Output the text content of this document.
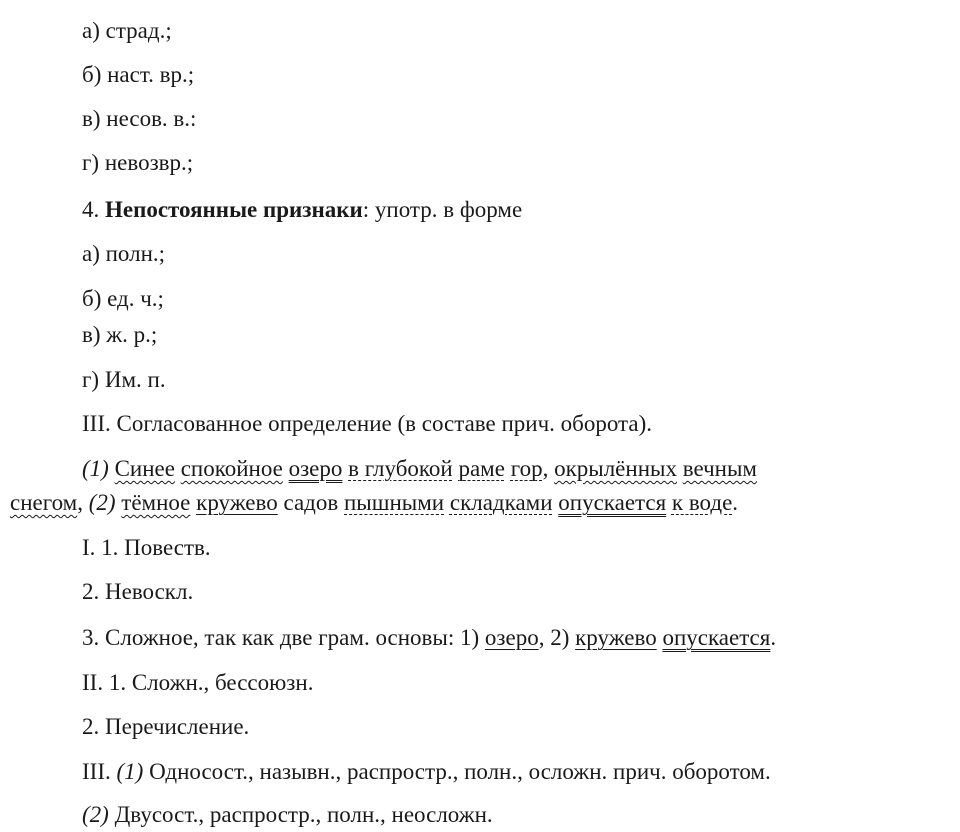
а) страд.;
б) наст. вр.;
в) несов. в.:
г) невозвр.;
4. Непостоянные признаки: употр. в форме
а) полн.;
б) ед. ч.;
в) ж. р.;
г) Им. п.
III. Согласованное определение (в составе прич. оборота).
(1) Синее спокойное озеро в глубокой раме гор, окрылённых вечным
снегом, (2) тёмное кружево садов пышными складками опускается к воде.
I. 1. Повеств.
2. Невоскл.
3. Сложное, так как две грам. основы: 1) озеро, 2) кружево опускается.
II. 1. Сложн., бессоюзн.
2. Перечисление.
III. (1) Односост., назывн., распростр., полн., осложн. прич. оборотом.
(2) Двусост., распростр., полн., неосложн.
